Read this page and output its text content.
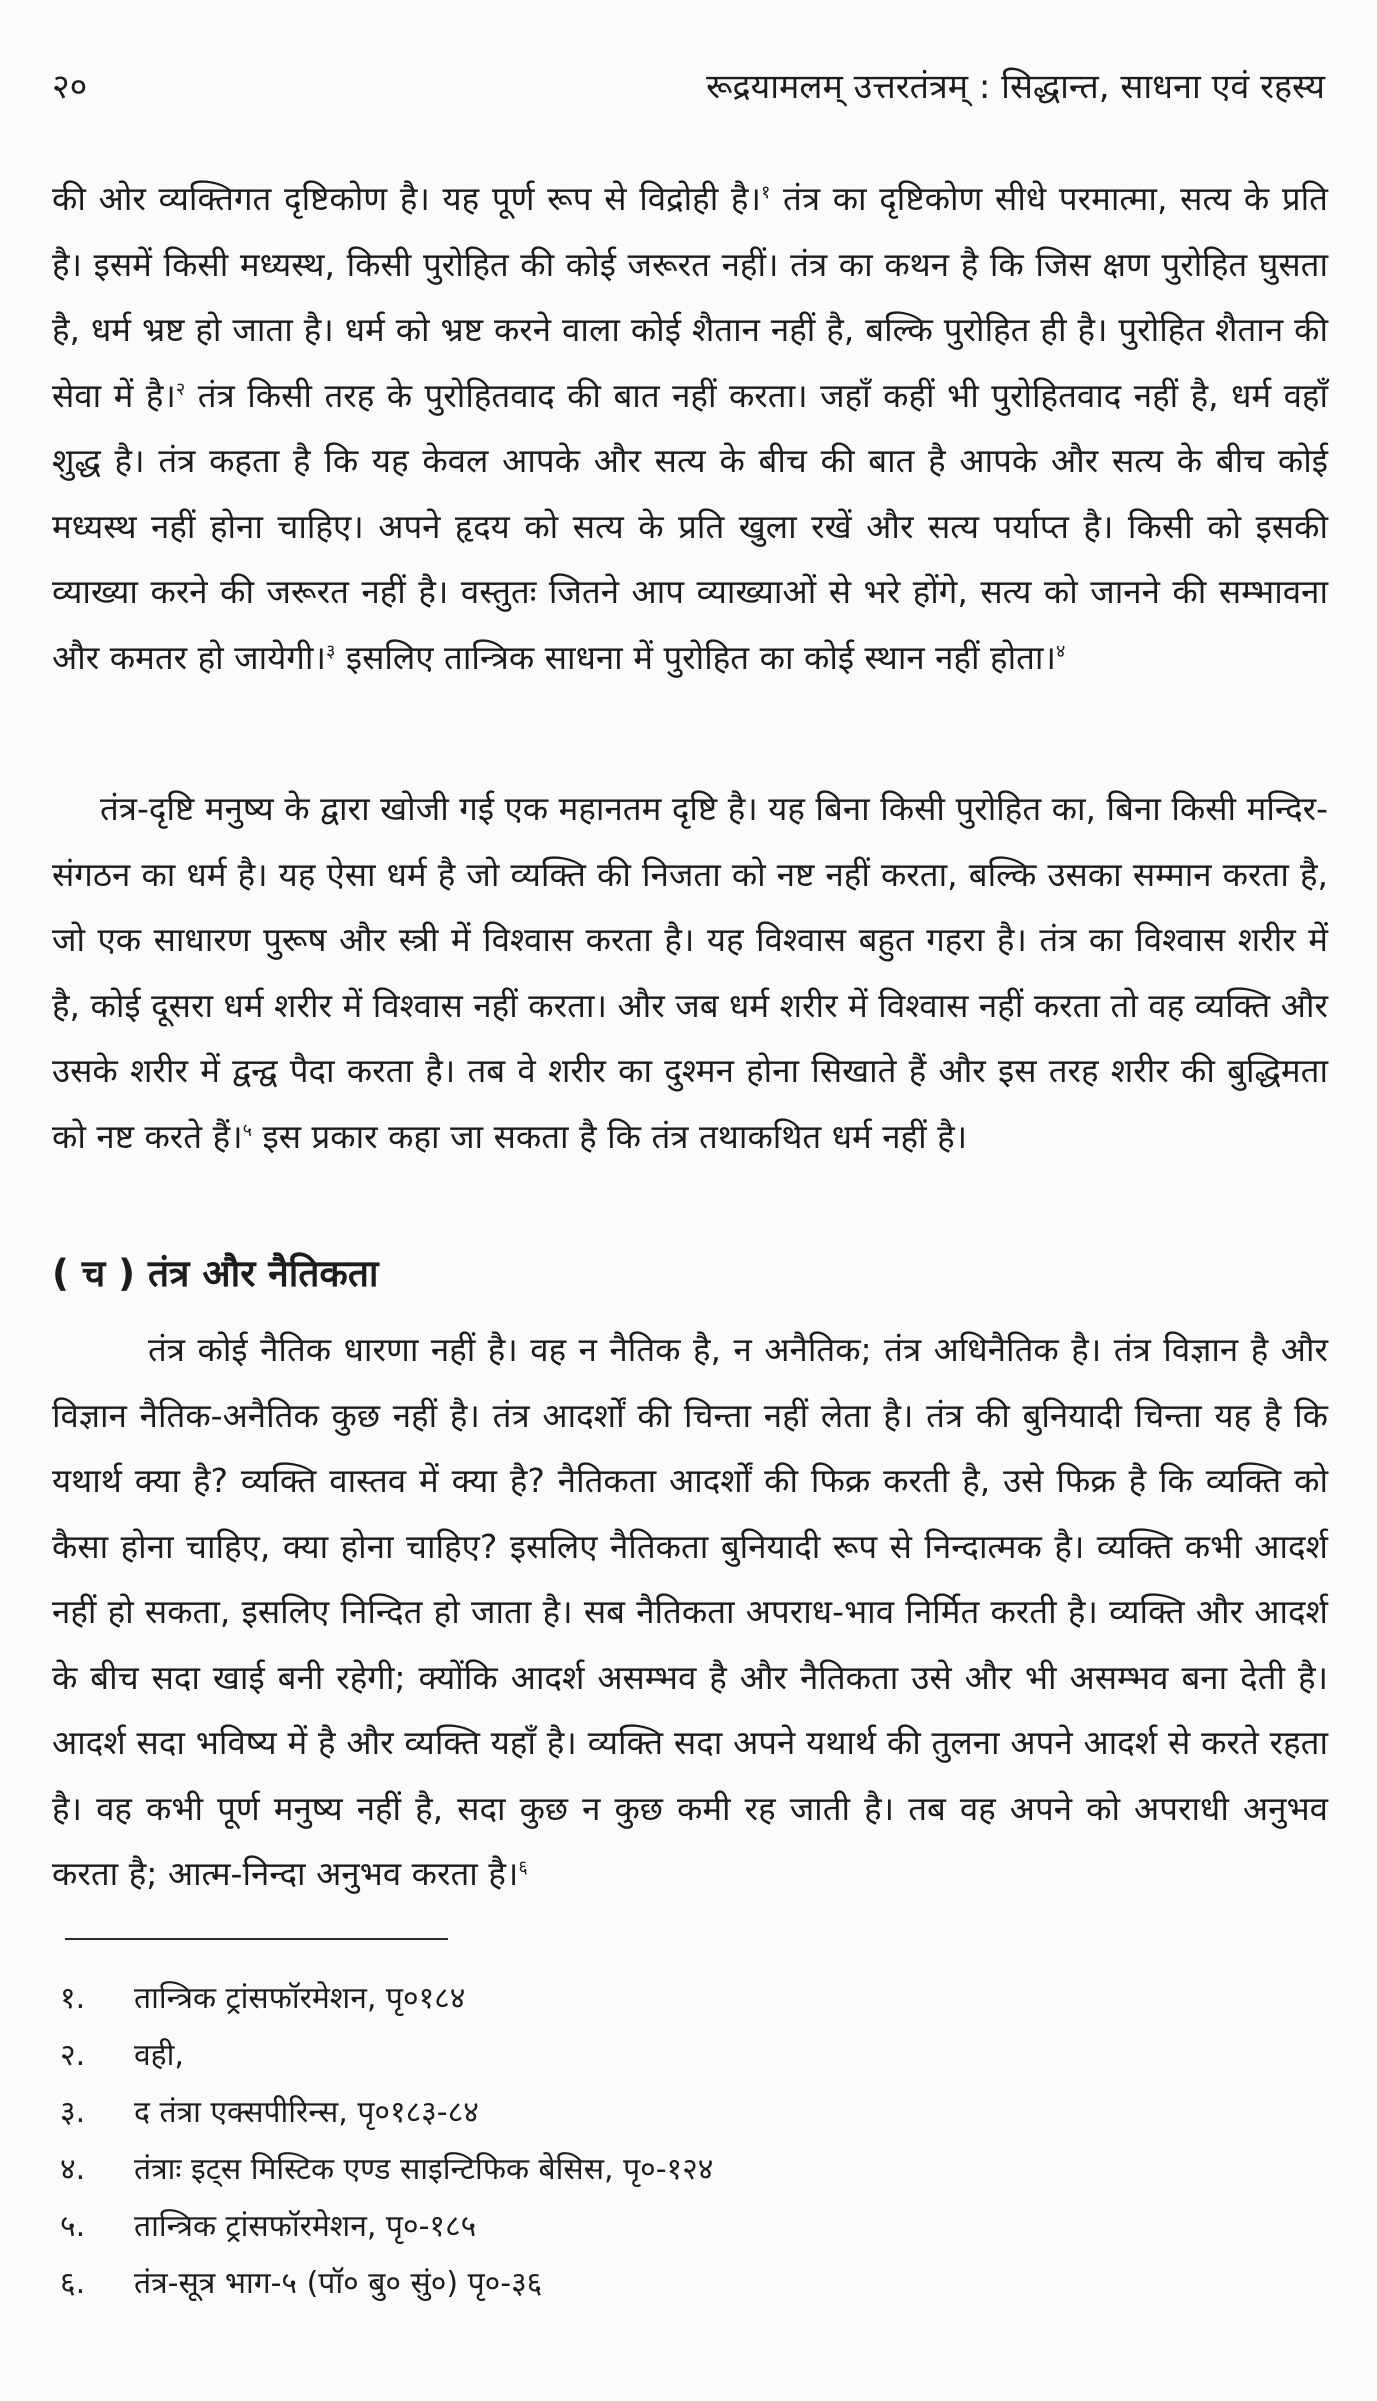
२०	रूद्रयामलम् उत्तरतंत्रम् : सिद्धान्त, साधना एवं रहस्य

की ओर व्यक्तिगत दृष्टिकोण है। यह पूर्ण रूप से विद्रोही है।$^१$ तंत्र का दृष्टिकोण सीधे परमात्मा, सत्य के प्रति है। इसमें किसी मध्यस्थ, किसी पुरोहित की कोई जरूरत नहीं। तंत्र का कथन है कि जिस क्षण पुरोहित घुसता है, धर्म भ्रष्ट हो जाता है। धर्म को भ्रष्ट करने वाला कोई शैतान नहीं है, बल्कि पुरोहित ही है। पुरोहित शैतान की सेवा में है।$^२$ तंत्र किसी तरह के पुरोहितवाद की बात नहीं करता। जहाँ कहीं भी पुरोहितवाद नहीं है, धर्म वहाँ शुद्ध है। तंत्र कहता है कि यह केवल आपके और सत्य के बीच की बात है आपके और सत्य के बीच कोई मध्यस्थ नहीं होना चाहिए। अपने हृदय को सत्य के प्रति खुला रखें और सत्य पर्याप्त है। किसी को इसकी व्याख्या करने की जरूरत नहीं है। वस्तुतः जितने आप व्याख्याओं से भरे होंगे, सत्य को जानने की सम्भावना और कमतर हो जायेगी।$^३$ इसलिए तान्त्रिक साधना में पुरोहित का कोई स्थान नहीं होता।$^४$

तंत्र-दृष्टि मनुष्य के द्वारा खोजी गई एक महानतम दृष्टि है। यह बिना किसी पुरोहित का, बिना किसी मन्दिर-संगठन का धर्म है। यह ऐसा धर्म है जो व्यक्ति की निजता को नष्ट नहीं करता, बल्कि उसका सम्मान करता है, जो एक साधारण पुरूष और स्त्री में विश्वास करता है। यह विश्वास बहुत गहरा है। तंत्र का विश्वास शरीर में है, कोई दूसरा धर्म शरीर में विश्वास नहीं करता। और जब धर्म शरीर में विश्वास नहीं करता तो वह व्यक्ति और उसके शरीर में द्वन्द्व पैदा करता है। तब वे शरीर का दुश्मन होना सिखाते हैं और इस तरह शरीर की बुद्धिमता को नष्ट करते हैं।$^५$ इस प्रकार कहा जा सकता है कि तंत्र तथाकथित धर्म नहीं है।

( च ) तंत्र और नैतिकता

तंत्र कोई नैतिक धारणा नहीं है। वह न नैतिक है, न अनैतिक; तंत्र अधिनैतिक है। तंत्र विज्ञान है और विज्ञान नैतिक-अनैतिक कुछ नहीं है। तंत्र आदर्शों की चिन्ता नहीं लेता है। तंत्र की बुनियादी चिन्ता यह है कि यथार्थ क्या है? व्यक्ति वास्तव में क्या है? नैतिकता आदर्शों की फिक्र करती है, उसे फिक्र है कि व्यक्ति को कैसा होना चाहिए, क्या होना चाहिए? इसलिए नैतिकता बुनियादी रूप से निन्दात्मक है। व्यक्ति कभी आदर्श नहीं हो सकता, इसलिए निन्दित हो जाता है। सब नैतिकता अपराध-भाव निर्मित करती है। व्यक्ति और आदर्श के बीच सदा खाई बनी रहेगी; क्योंकि आदर्श असम्भव है और नैतिकता उसे और भी असम्भव बना देती है। आदर्श सदा भविष्य में है और व्यक्ति यहाँ है। व्यक्ति सदा अपने यथार्थ की तुलना अपने आदर्श से करते रहता है। वह कभी पूर्ण मनुष्य नहीं है, सदा कुछ न कुछ कमी रह जाती है। तब वह अपने को अपराधी अनुभव करता है; आत्म-निन्दा अनुभव करता है।$^६$

१.	तान्त्रिक ट्रांसफॉरमेशन, पृ०१८४
२.	वही,
३.	द तंत्रा एक्सपीरिन्स, पृ०१८३-८४
४.	तंत्राः इट्स मिस्टिक एण्ड साइन्टिफिक बेसिस, पृ०-१२४
५.	तान्त्रिक ट्रांसफॉरमेशन, पृ०-१८५
६.	तंत्र-सूत्र भाग-५ (पॉ० बु० सुं०) पृ०-३६
